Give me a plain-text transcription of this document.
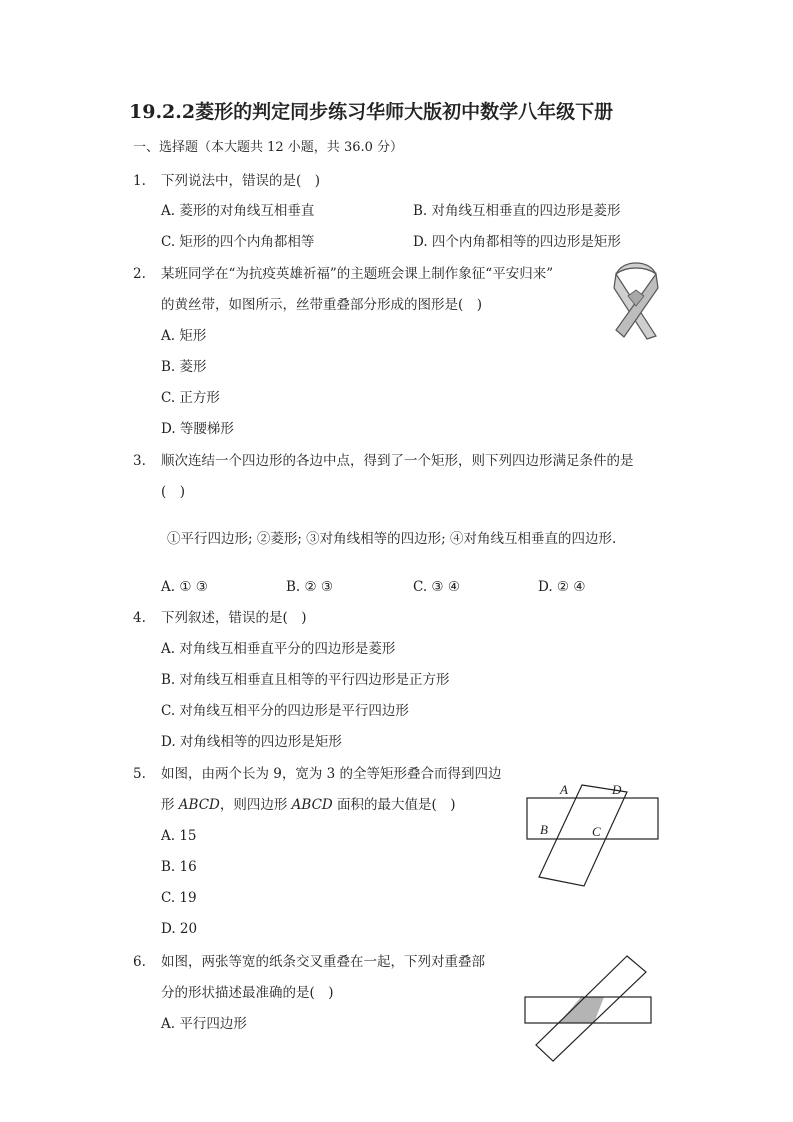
19.2.2菱形的判定同步练习华师大版初中数学八年级下册
一、选择题（本大题共 12 小题，共 36.0 分）
1. 下列说法中，错误的是(　)
A. 菱形的对角线互相垂直	B. 对角线互相垂直的四边形是菱形
C. 矩形的四个内角都相等	D. 四个内角都相等的四边形是矩形
2. 某班同学在“为抗疫英雄祈福”的主题班会课上制作象征“平安归来”
的黄丝带，如图所示，丝带重叠部分形成的图形是(　)
A. 矩形
B. 菱形
C. 正方形
D. 等腰梯形
3. 顺次连结一个四边形的各边中点，得到了一个矩形，则下列四边形满足条件的是
(　)
①平行四边形; ②菱形; ③对角线相等的四边形; ④对角线互相垂直的四边形.
A. ① ③	B. ② ③	C. ③ ④	D. ② ④
4. 下列叙述，错误的是(　)
A. 对角线互相垂直平分的四边形是菱形
B. 对角线互相垂直且相等的平行四边形是正方形
C. 对角线互相平分的四边形是平行四边形
D. 对角线相等的四边形是矩形
5. 如图，由两个长为 9，宽为 3 的全等矩形叠合而得到四边
形 ABCD，则四边形 ABCD 面积的最大值是(　)
A. 15
B. 16
C. 19
D. 20
A	D
B	C
6. 如图，两张等宽的纸条交叉重叠在一起，下列对重叠部
分的形状描述最准确的是(　)
A. 平行四边形
